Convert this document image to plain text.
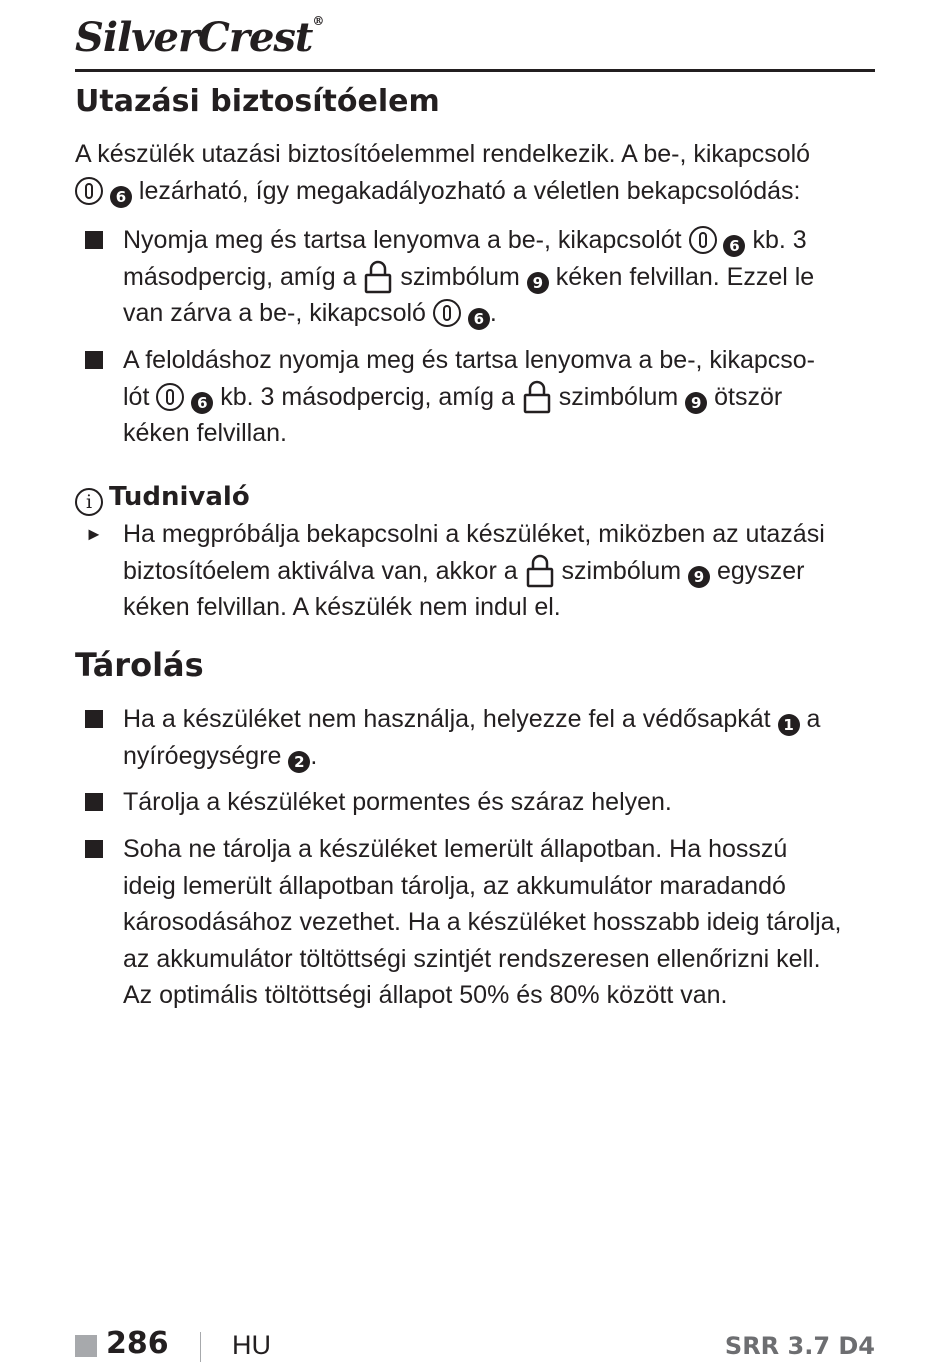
SilverCrest®
Utazási biztosítóelem
A készülék utazási biztosítóelemmel rendelkezik. A be-, kikapcsoló
6 lezárható, így megakadályozható a véletlen bekapcsolódás:
Nyomja meg és tartsa lenyomva a be-, kikapcsolót	6 kb. 3
másodpercig, amíg a szimbólum 9 kéken felvillan. Ezzel le
van zárva a be-, kikapcsoló	6 .
A feloldáshoz nyomja meg és tartsa lenyomva a be-, kikapcso-
lót	6 kb. 3 másodpercig, amíg a szimbólum 9 ötször
kéken felvillan.
i Tudnivaló
► Ha megpróbálja bekapcsolni a készüléket, miközben az utazási
biztosítóelem aktiválva van, akkor a szimbólum 9 egyszer
kéken felvillan. A készülék nem indul el.
Tárolás
Ha a készüléket nem használja, helyezze fel a védősapkát 1 a
nyíróegységre 2 .
Tárolja a készüléket pormentes és száraz helyen.
Soha ne tárolja a készüléket lemerült állapotban. Ha hosszú
ideig lemerült állapotban tárolja, az akkumulátor maradandó
károsodásához vezethet. Ha a készüléket hosszabb ideig tárolja,
az akkumulátor töltöttségi szintjét rendszeresen ellenőrizni kell.
Az optimális töltöttségi állapot 50% és 80% között van.
286 HU	SRR 3.7 D4
